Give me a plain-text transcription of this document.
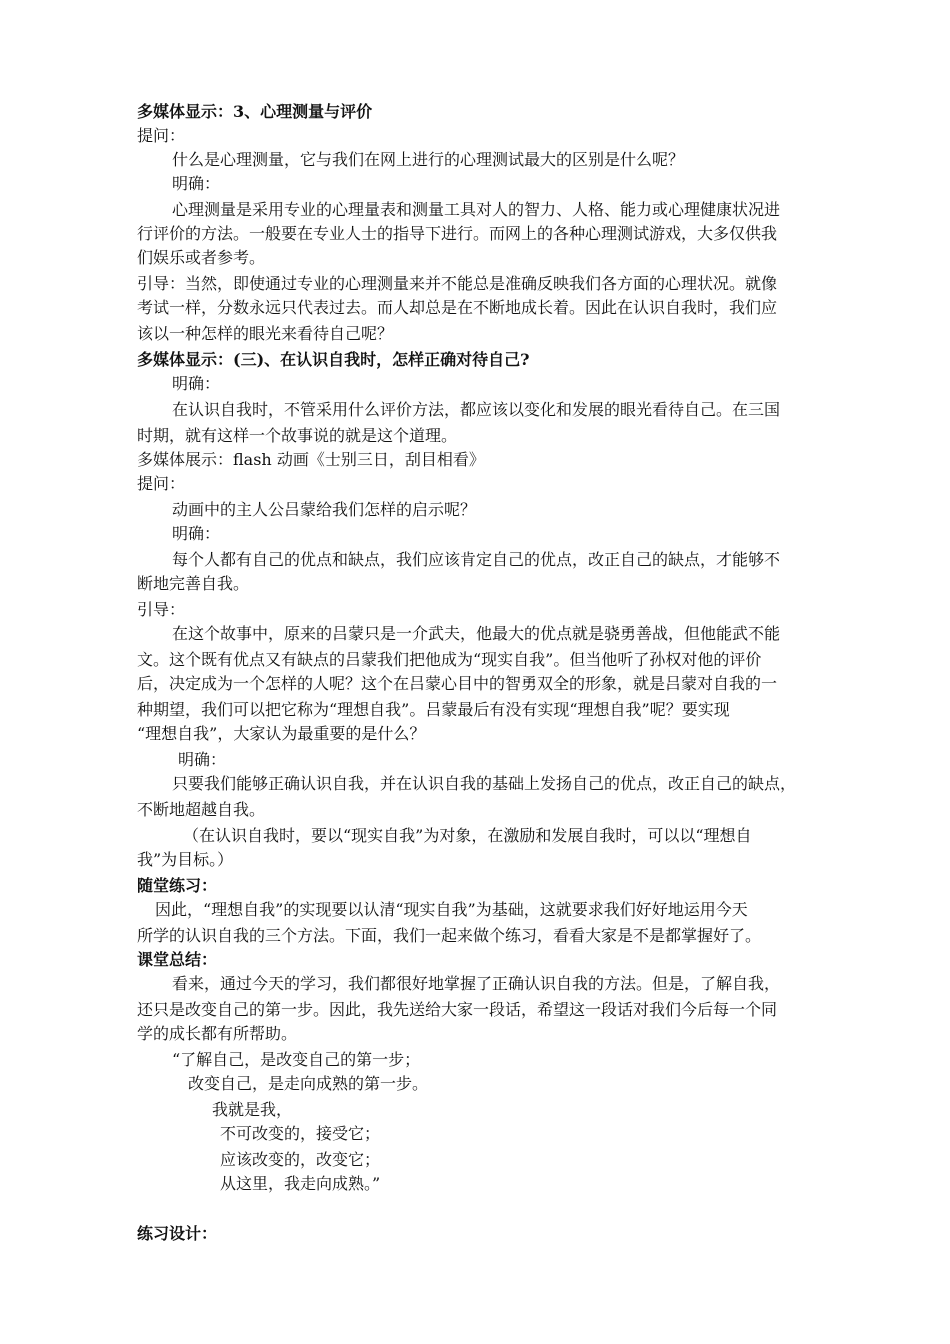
多媒体显示：3、心理测量与评价
提问：
什么是心理测量，它与我们在网上进行的心理测试最大的区别是什么呢？
明确：
心理测量是采用专业的心理量表和测量工具对人的智力、人格、能力或心理健康状况进
行评价的方法。一般要在专业人士的指导下进行。而网上的各种心理测试游戏，大多仅供我
们娱乐或者参考。
引导：当然，即使通过专业的心理测量来并不能总是准确反映我们各方面的心理状况。就像
考试一样，分数永远只代表过去。而人却总是在不断地成长着。因此在认识自我时，我们应
该以一种怎样的眼光来看待自己呢？
多媒体显示：(三)、在认识自我时，怎样正确对待自己?
明确：
在认识自我时，不管采用什么评价方法，都应该以变化和发展的眼光看待自己。在三国
时期，就有这样一个故事说的就是这个道理。
多媒体展示：flash 动画《士别三日，刮目相看》
提问：
动画中的主人公吕蒙给我们怎样的启示呢？
明确：
每个人都有自己的优点和缺点，我们应该肯定自己的优点，改正自己的缺点，才能够不
断地完善自我。
引导：
在这个故事中，原来的吕蒙只是一介武夫，他最大的优点就是骁勇善战，但他能武不能
文。这个既有优点又有缺点的吕蒙我们把他成为“现实自我”。但当他听了孙权对他的评价
后，决定成为一个怎样的人呢？这个在吕蒙心目中的智勇双全的形象，就是吕蒙对自我的一
种期望，我们可以把它称为“理想自我”。吕蒙最后有没有实现“理想自我”呢？要实现
“理想自我”，大家认为最重要的是什么？
明确：
只要我们能够正确认识自我，并在认识自我的基础上发扬自己的优点，改正自己的缺点，
不断地超越自我。
（在认识自我时，要以“现实自我”为对象，在激励和发展自我时，可以以“理想自
我”为目标。）
随堂练习：
因此，“理想自我”的实现要以认清“现实自我”为基础，这就要求我们好好地运用今天
所学的认识自我的三个方法。下面，我们一起来做个练习，看看大家是不是都掌握好了。
课堂总结：
看来，通过今天的学习，我们都很好地掌握了正确认识自我的方法。但是，了解自我，
还只是改变自己的第一步。因此，我先送给大家一段话，希望这一段话对我们今后每一个同
学的成长都有所帮助。
“了解自己，是改变自己的第一步；
改变自己，是走向成熟的第一步。
我就是我，
不可改变的，接受它；
应该改变的，改变它；
从这里，我走向成熟。”
练习设计：
